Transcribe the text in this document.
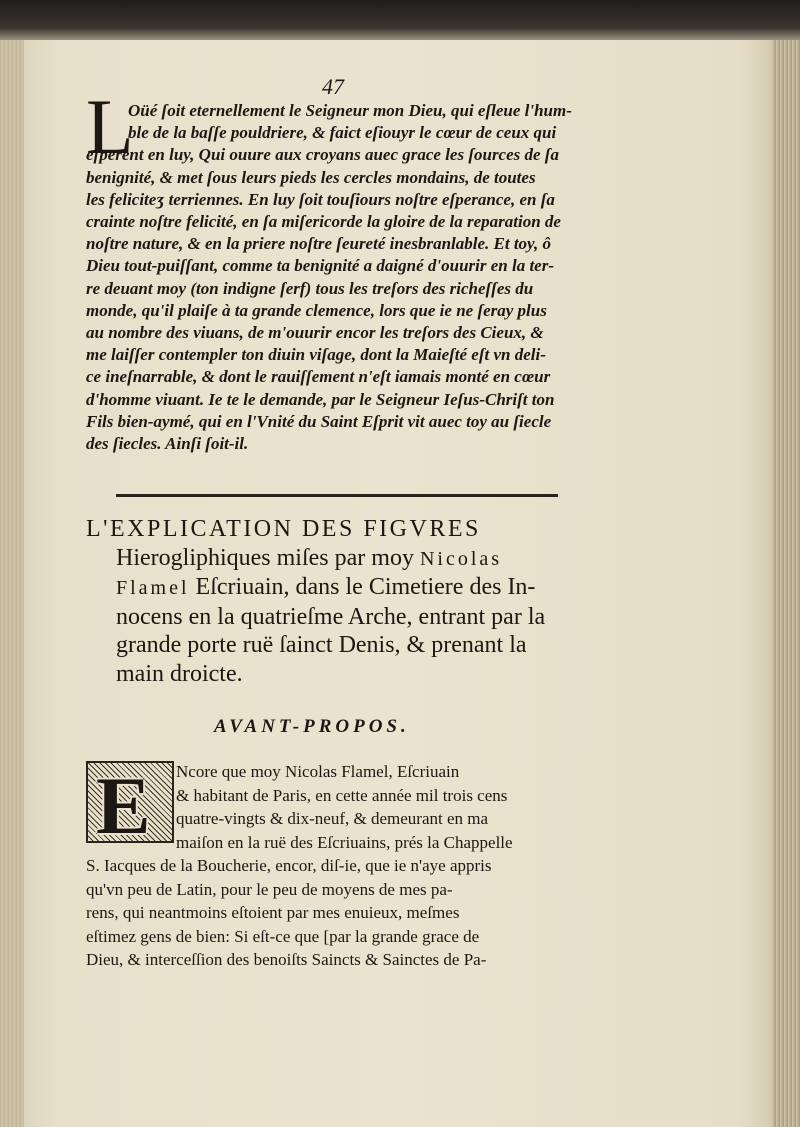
47
L
Oüé ſoit eternellement le Seigneur mon Dieu, qui eſleue l'hum-
ble de la baſſe pouldriere, & faict eſiouyr le cœur de ceux qui
eſperent en luy, Qui ouure aux croyans auec grace les ſources de ſa
benignité, & met ſous leurs pieds les cercles mondains, de toutes
les feliciteʒ terriennes. En luy ſoit touſiours noſtre eſperance, en ſa
crainte noſtre felicité, en ſa miſericorde la gloire de la reparation de
noſtre nature, & en la priere noſtre ſeureté inesbranlable. Et toy, ô
Dieu tout-puiſſant, comme ta benignité a daigné d'ouurir en la ter-
re deuant moy (ton indigne ſerf) tous les treſors des richeſſes du
monde, qu'il plaiſe à ta grande clemence, lors que ie ne ſeray plus
au nombre des viuans, de m'ouurir encor les treſors des Cieux, &
me laiſſer contempler ton diuin viſage, dont la Maieſté eſt vn deli-
ce ineſnarrable, & dont le rauiſſement n'eſt iamais monté en cœur
d'homme viuant. Ie te le demande, par le Seigneur Ieſus-Chriſt ton
Fils bien-aymé, qui en l'Vnité du Saint Eſprit vit auec toy au ſiecle
des ſiecles. Ainſi ſoit-il.
L'EXPLICATION DES FIGVRES
Hierogliphiques miſes par moy Nicolas
Flamel Eſcriuain, dans le Cimetiere des In-
nocens en la quatrieſme Arche, entrant par la
grande porte ruë ſainct Denis, & prenant la
main droicte.
AVANT-PROPOS.
E	Ncore que moy Nicolas Flamel, Eſcriuain
& habitant de Paris, en cette année mil trois cens
quatre-vingts & dix-neuf, & demeurant en ma
maiſon en la ruë des Eſcriuains, prés la Chappelle
S. Iacques de la Boucherie, encor, diſ-ie, que ie n'aye appris
qu'vn peu de Latin, pour le peu de moyens de mes pa-
rens, qui neantmoins eſtoient par mes enuieux, meſmes
eſtimez gens de bien: Si eſt-ce que [par la grande grace de
Dieu, & interceſſion des benoiſts Saincts & Sainctes de Pa-
